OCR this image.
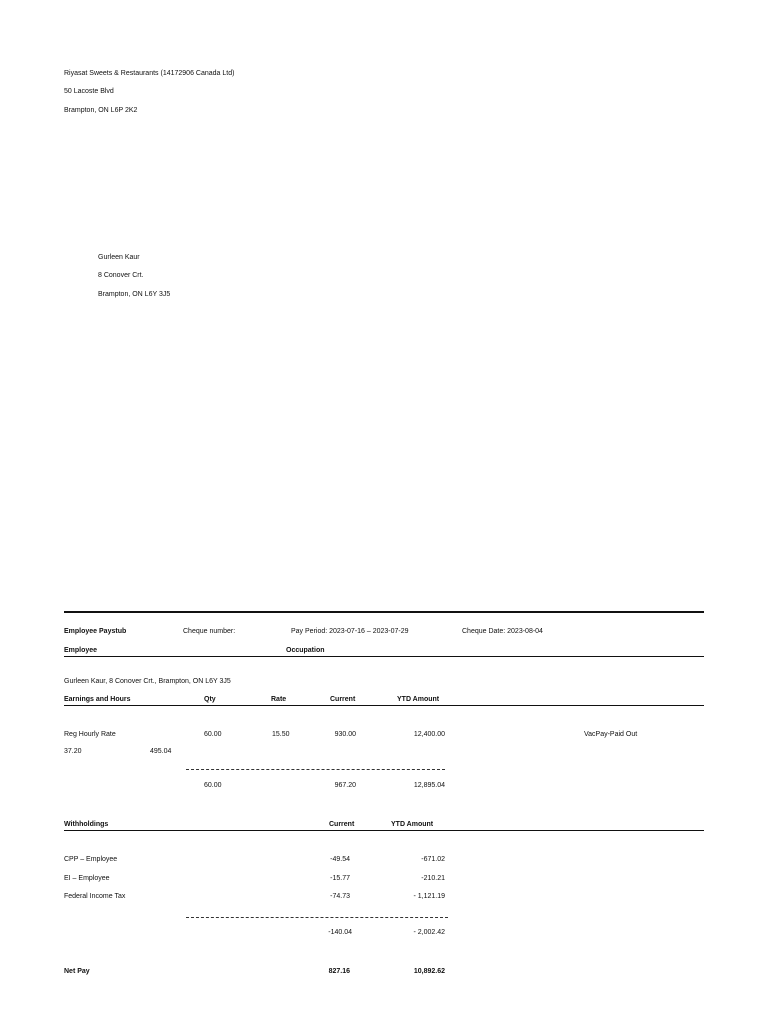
Riyasat Sweets & Restaurants (14172906 Canada Ltd)
50 Lacoste Blvd
Brampton, ON L6P 2K2
Gurleen Kaur
8 Conover Crt.
Brampton, ON L6Y 3J5
Employee Paystub	Cheque number:	Pay Period: 2023-07-16 – 2023-07-29	Cheque Date: 2023-08-04
Employee	Occupation
Gurleen Kaur, 8 Conover Crt., Brampton, ON L6Y 3J5
Earnings and Hours	Qty	Rate	Current	YTD Amount
Reg Hourly Rate	60.00	15.50	930.00	12,400.00	VacPay-Paid Out
37.20	495.04
60.00	967.20	12,895.04
Withholdings	Current	YTD Amount
CPP – Employee	-49.54	-671.02
EI – Employee	-15.77	-210.21
Federal Income Tax	-74.73	- 1,121.19
-140.04	- 2,002.42
Net Pay	827.16	10,892.62
